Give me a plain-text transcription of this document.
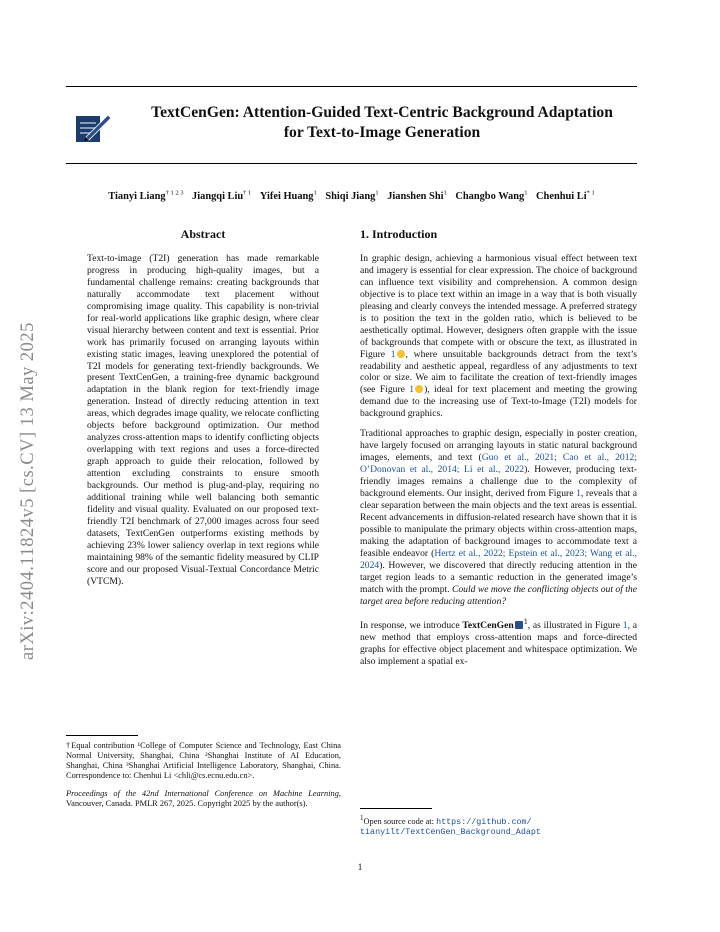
TextCenGen: Attention-Guided Text-Centric Background Adaptation
for Text-to-Image Generation
Tianyi Liang$^{\dagger 1 2 3}$ Jiangqi Liu$^{\dagger 1}$ Yifei Huang$^1$ Shiqi Jiang$^1$ Jianshen Shi$^1$ Changbo Wang$^1$ Chenhui Li$^{* 1}$
arXiv:2404.11824v5 [cs.CV] 13 May 2025
Abstract
Text-to-image (T2I) generation has made remarkable progress in producing high-quality images, but a fundamental challenge remains: creating backgrounds that naturally accommodate text placement without compromising image quality. This capability is non-trivial for real-world applications like graphic design, where clear visual hierarchy between content and text is essential. Prior work has primarily focused on arranging layouts within existing static images, leaving unexplored the potential of T2I models for generating text-friendly backgrounds. We present TextCenGen, a training-free dynamic background adaptation in the blank region for text-friendly image generation. Instead of directly reducing attention in text areas, which degrades image quality, we relocate conflicting objects before background optimization. Our method analyzes cross-attention maps to identify conflicting objects overlapping with text regions and uses a force-directed graph approach to guide their relocation, followed by attention excluding constraints to ensure smooth backgrounds. Our method is plug-and-play, requiring no additional training while well balancing both semantic fidelity and visual quality. Evaluated on our proposed text-friendly T2I benchmark of 27,000 images across four seed datasets, TextCenGen outperforms existing methods by achieving 23% lower saliency overlap in text regions while maintaining 98% of the semantic fidelity measured by CLIP score and our proposed Visual-Textual Concordance Metric (VTCM).
†Equal contribution ¹College of Computer Science and Technology, East China Normal University, Shanghai, China ²Shanghai Institute of AI Education, Shanghai, China ³Shanghai Artificial Intelligence Laboratory, Shanghai, China. Correspondence to: Chenhui Li <chli@cs.ecnu.edu.cn>.
Proceedings of the 42nd International Conference on Machine Learning, Vancouver, Canada. PMLR 267, 2025. Copyright 2025 by the author(s).
1. Introduction
In graphic design, achieving a harmonious visual effect between text and imagery is essential for clear expression. The choice of background can influence text visibility and comprehension. A common design objective is to place text within an image in a way that is both visually pleasing and clearly conveys the intended message. A preferred strategy is to position the text in the golden ratio, which is believed to be aesthetically optimal. However, designers often grapple with the issue of backgrounds that compete with or obscure the text, as illustrated in Figure 1 , where unsuitable backgrounds detract from the text’s readability and aesthetic appeal, regardless of any adjustments to text color or size. We aim to facilitate the creation of text-friendly images (see Figure 1 ), ideal for text placement and meeting the growing demand due to the increasing use of Text-to-Image (T2I) models for background graphics.
Traditional approaches to graphic design, especially in poster creation, have largely focused on arranging layouts in static natural background images, elements, and text (Guo et al., 2021; Cao et al., 2012; O’Donovan et al., 2014; Li et al., 2022). However, producing text-friendly images remains a challenge due to the complexity of background elements. Our insight, derived from Figure 1, reveals that a clear separation between the main objects and the text areas is essential. Recent advancements in diffusion-related research have shown that it is possible to manipulate the primary objects within cross-attention maps, making the adaptation of background images to accommodate text a feasible endeavor (Hertz et al., 2022; Epstein et al., 2023; Wang et al., 2024). However, we discovered that directly reducing attention in the target region leads to a semantic reduction in the generated image’s match with the prompt. Could we move the conflicting objects out of the target area before reducing attention?
In response, we introduce TextCenGen $^1$, as illustrated in Figure 1, a new method that employs cross-attention maps and force-directed graphs for effective object placement and whitespace optimization. We also implement a spatial ex-
$^1$Open source code at: https://github.com/
tianyilt/TextCenGen_Background_Adapt
1
